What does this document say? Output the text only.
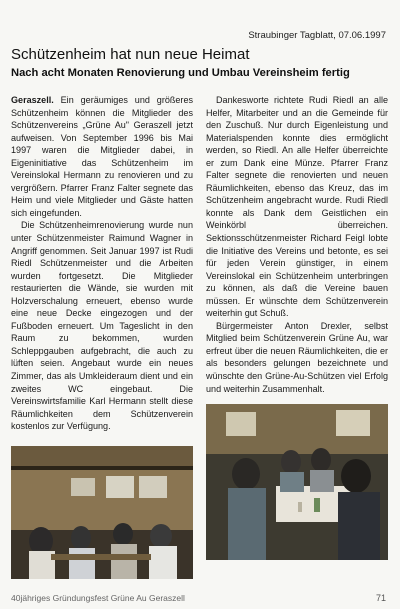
Straubinger Tagblatt, 07.06.1997
Schützenheim hat nun neue Heimat
Nach acht Monaten Renovierung und Umbau Vereinsheim fertig

Geraszell. Ein geräumiges und größeres Schützenheim können die Mitglieder des Schützenvereins „Grüne Au" Geraszell jetzt aufweisen. Von September 1996 bis Mai 1997 waren die Mitglieder dabei, in Eigeninitiative das Schützenheim im Vereinslokal Hermann zu renovieren und zu vergrößern. Pfarrer Franz Falter segnete das Heim und viele Mitglieder und Gäste hatten sich eingefunden.

Die Schützenheimrenovierung wurde nun unter Schützenmeister Raimund Wagner in Angriff genommen. Seit Januar 1997 ist Rudi Riedl Schützenmeister und die Arbeiten wurden fortgesetzt. Die Mitglieder restaurierten die Wände, sie wurden mit Holzverschalung erneuert, ebenso wurde eine neue Decke eingezogen und der Fußboden erneuert. Um Tageslicht in den Raum zu bekommen, wurden Schleppgauben aufgebracht, die auch zu lüften seien. Angebaut wurde ein neues Zimmer, das als Umkleideraum dient und ein zweites WC eingebaut. Die Vereinswirtsfamilie Karl Hermann stellt diese Räumlichkeiten dem Schützenverein kostenlos zur Verfügung.

Dankesworte richtete Rudi Riedl an alle Helfer, Mitarbeiter und an die Gemeinde für den Zuschuß. Nur durch Eigenleistung und Materialspenden konnte dies ermöglicht werden, so Riedl. An alle Helfer überreichte er zum Dank eine Münze. Pfarrer Franz Falter segnete die renovierten und neuen Räumlichkeiten, ebenso das Kreuz, das im Schützenheim angebracht wurde. Rudi Riedl konnte als Dank dem Geistlichen ein Weinkörbl überreichen. Sektionsschützenmeister Richard Feigl lobte die Initiative des Vereins und betonte, es sei für jeden Verein günstiger, in einem Vereinslokal ein Schützenheim unterbringen zu können, als daß die Vereine bauen müssen. Er wünschte dem Schützenverein weiterhin gut Schuß.

Bürgermeister Anton Drexler, selbst Mitglied beim Schützenverein Grüne Au, war erfreut über die neuen Räumlichkeiten, die er als besonders gelungen bezeichnete und wünschte den Grüne-Au-Schützen viel Erfolg und weiterhin Zusammenhalt.

40jähriges Gründungsfest Grüne Au Geraszell	71
